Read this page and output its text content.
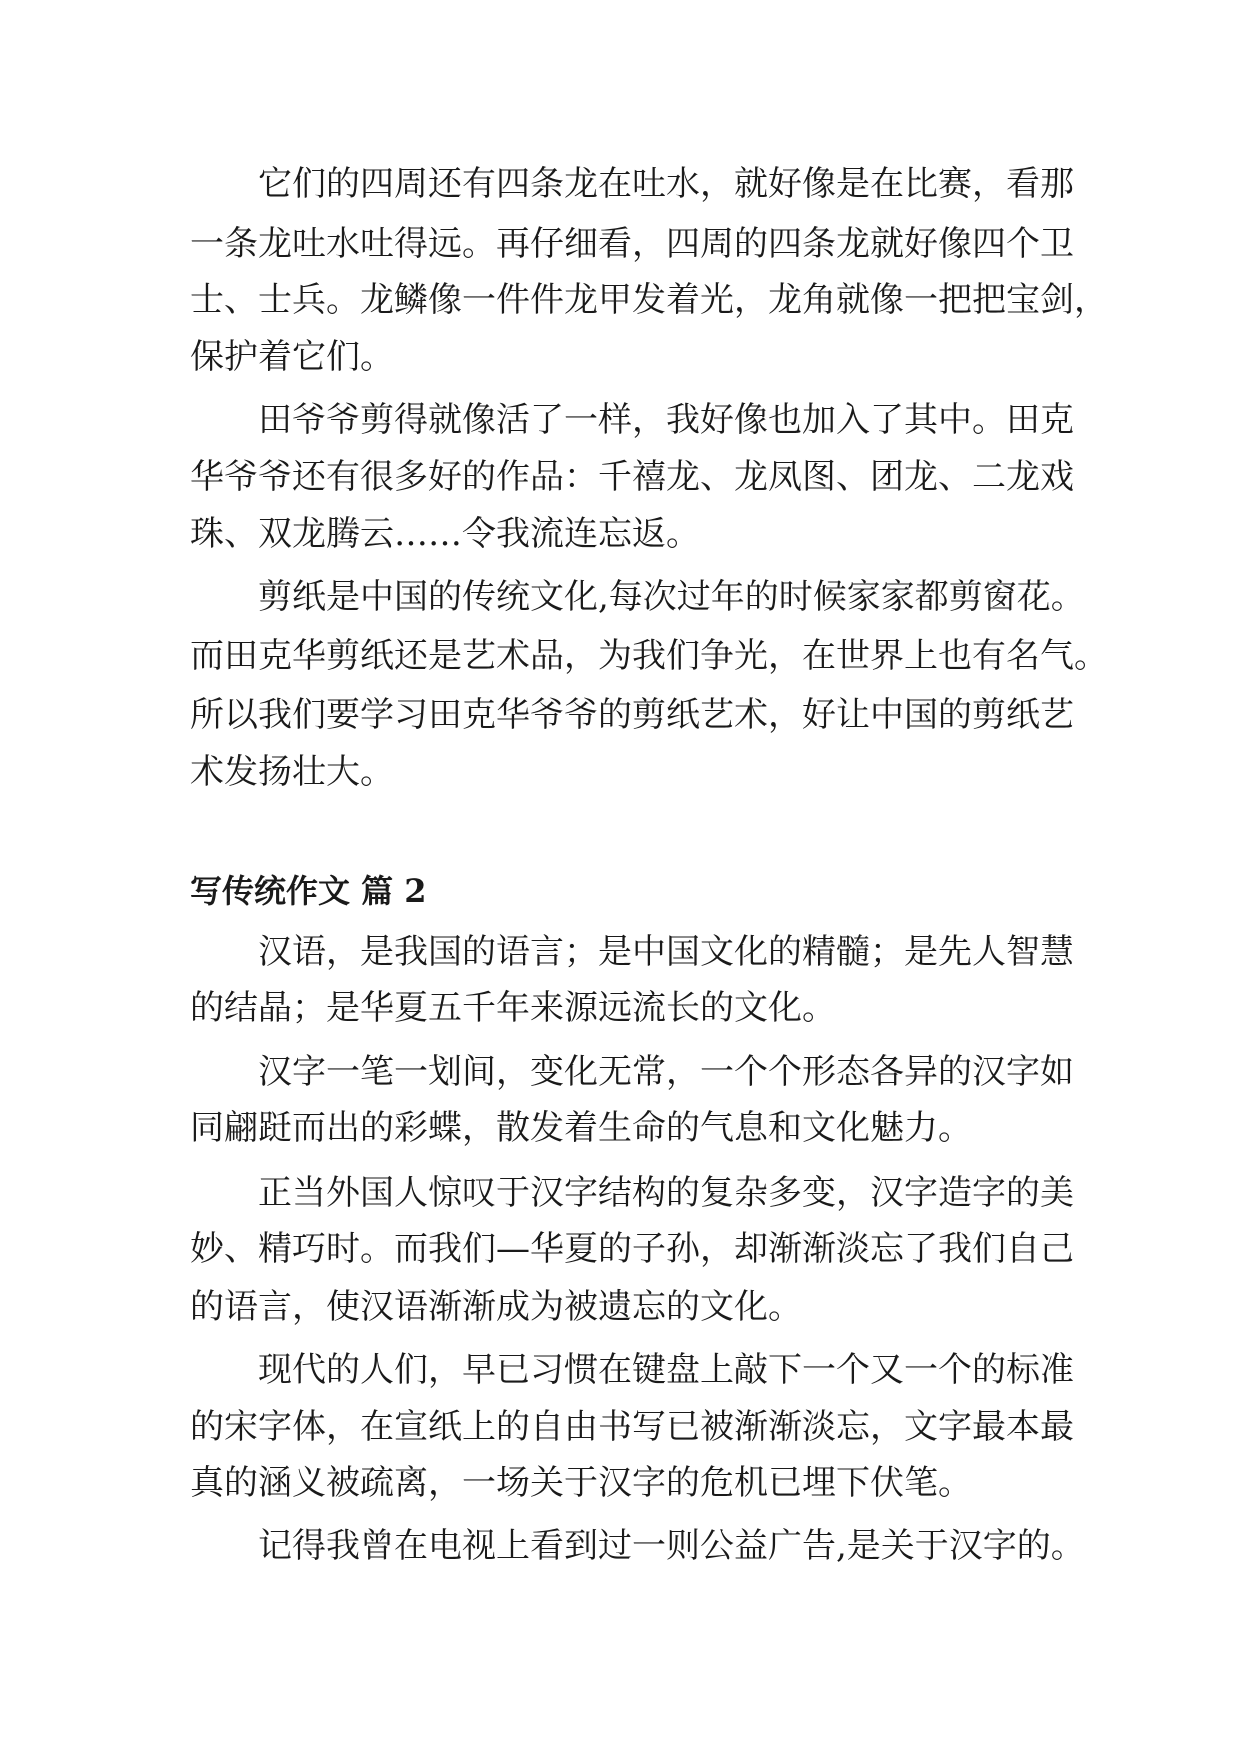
它们的四周还有四条龙在吐水，就好像是在比赛，看那

一条龙吐水吐得远。再仔细看，四周的四条龙就好像四个卫

士、士兵。龙鳞像一件件龙甲发着光，龙角就像一把把宝剑，

保护着它们。

田爷爷剪得就像活了一样，我好像也加入了其中。田克

华爷爷还有很多好的作品：千禧龙、龙凤图、团龙、二龙戏

珠、双龙腾云……令我流连忘返。

剪纸是中国的传统文化,每次过年的时候家家都剪窗花。

而田克华剪纸还是艺术品，为我们争光，在世界上也有名气。

所以我们要学习田克华爷爷的剪纸艺术，好让中国的剪纸艺

术发扬壮大。

写传统作文 篇 2

汉语，是我国的语言；是中国文化的精髓；是先人智慧

的结晶；是华夏五千年来源远流长的文化。

汉字一笔一划间，变化无常，一个个形态各异的汉字如

同翩跹而出的彩蝶，散发着生命的气息和文化魅力。

正当外国人惊叹于汉字结构的复杂多变，汉字造字的美

妙、精巧时。而我们—华夏的子孙，却渐渐淡忘了我们自己

的语言，使汉语渐渐成为被遗忘的文化。

现代的人们，早已习惯在键盘上敲下一个又一个的标准

的宋字体，在宣纸上的自由书写已被渐渐淡忘，文字最本最

真的涵义被疏离，一场关于汉字的危机已埋下伏笔。

记得我曾在电视上看到过一则公益广告,是关于汉字的。
